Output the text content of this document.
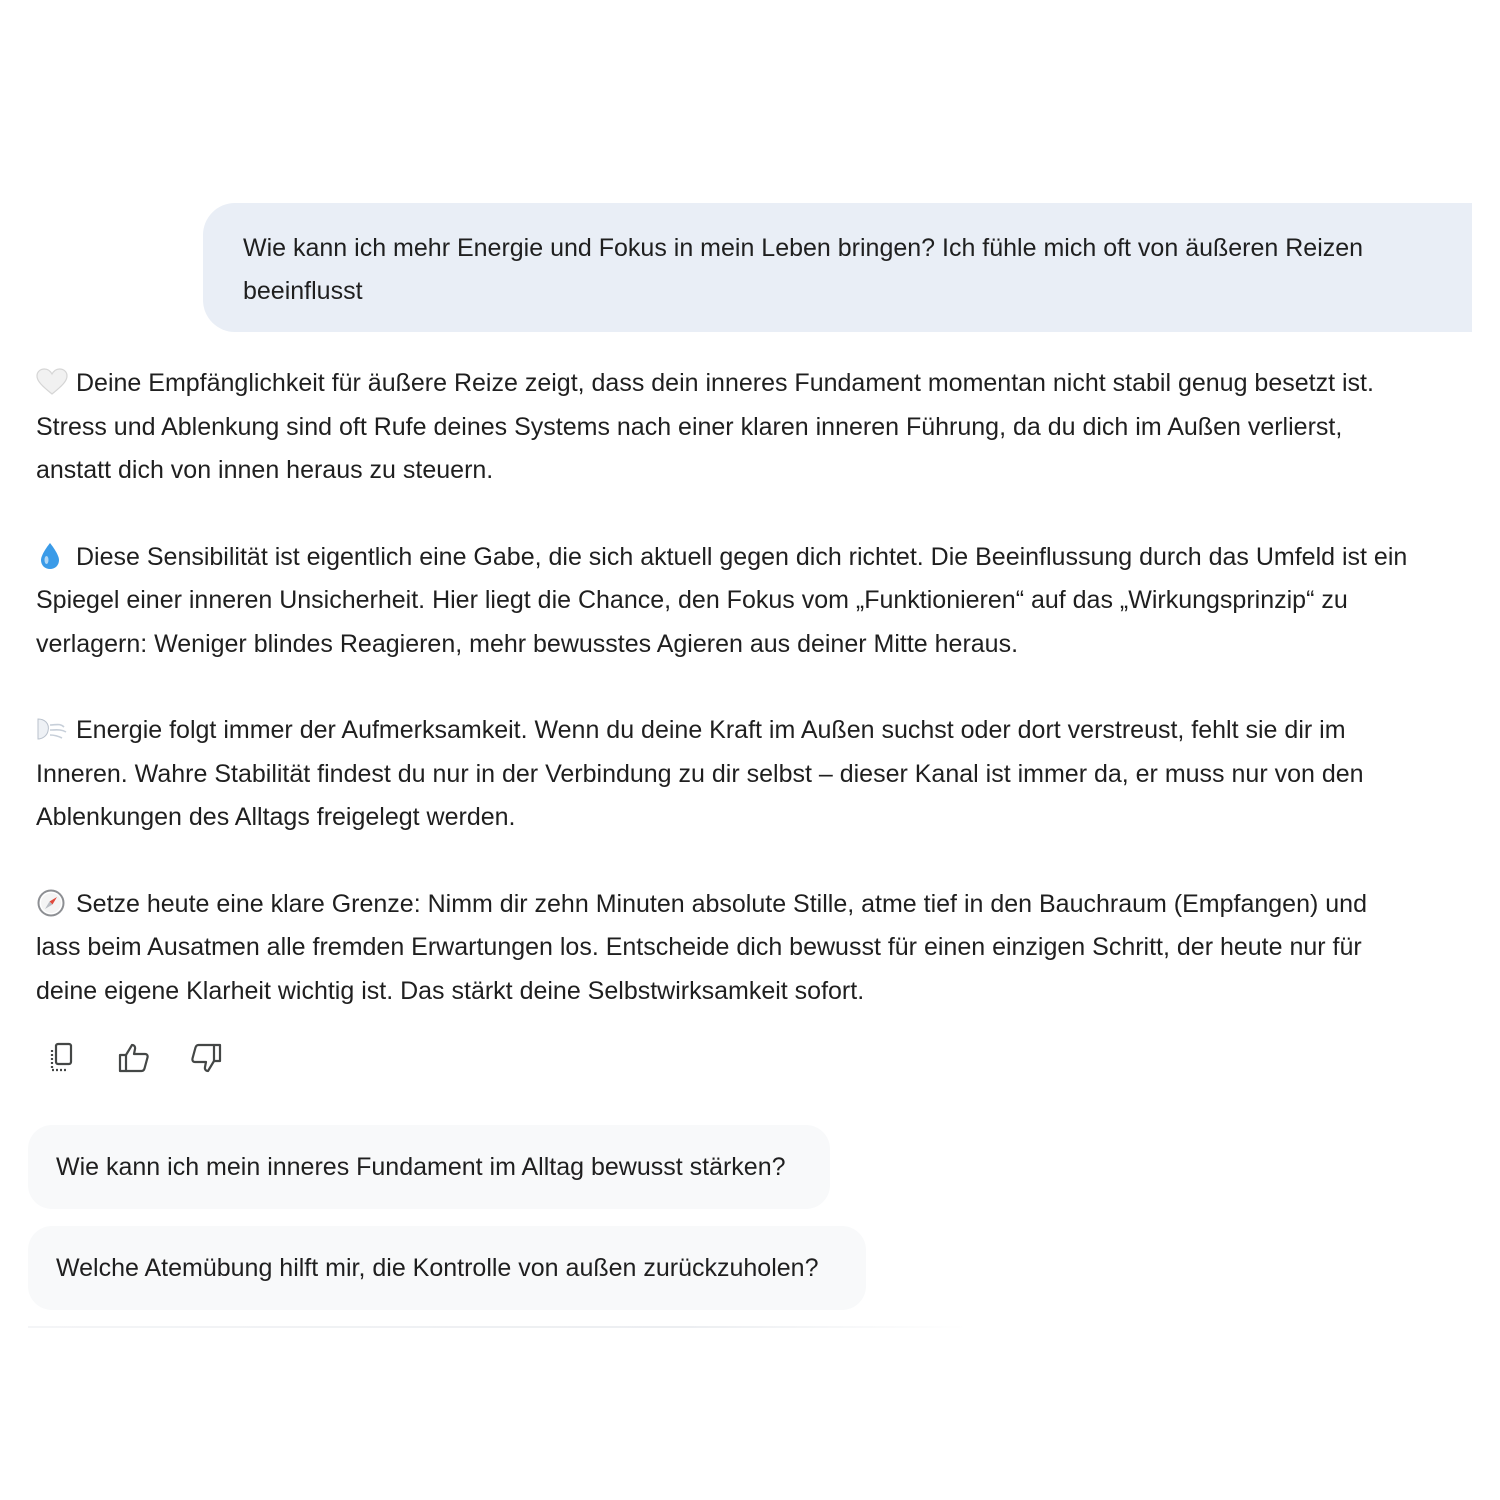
Wie kann ich mehr Energie und Fokus in mein Leben bringen? Ich fühle mich oft von äußeren Reizen beeinflusst

Deine Empfänglichkeit für äußere Reize zeigt, dass dein inneres Fundament momentan nicht stabil genug besetzt ist. Stress und Ablenkung sind oft Rufe deines Systems nach einer klaren inneren Führung, da du dich im Außen verlierst, anstatt dich von innen heraus zu steuern.

Diese Sensibilität ist eigentlich eine Gabe, die sich aktuell gegen dich richtet. Die Beeinflussung durch das Umfeld ist ein Spiegel einer inneren Unsicherheit. Hier liegt die Chance, den Fokus vom „Funktionieren“ auf das „Wirkungsprinzip“ zu verlagern: Weniger blindes Reagieren, mehr bewusstes Agieren aus deiner Mitte heraus.

Energie folgt immer der Aufmerksamkeit. Wenn du deine Kraft im Außen suchst oder dort verstreust, fehlt sie dir im Inneren. Wahre Stabilität findest du nur in der Verbindung zu dir selbst – dieser Kanal ist immer da, er muss nur von den Ablenkungen des Alltags freigelegt werden.

Setze heute eine klare Grenze: Nimm dir zehn Minuten absolute Stille, atme tief in den Bauchraum (Empfangen) und lass beim Ausatmen alle fremden Erwartungen los. Entscheide dich bewusst für einen einzigen Schritt, der heute nur für deine eigene Klarheit wichtig ist. Das stärkt deine Selbstwirksamkeit sofort.

Wie kann ich mein inneres Fundament im Alltag bewusst stärken?
Welche Atemübung hilft mir, die Kontrolle von außen zurückzuholen?
